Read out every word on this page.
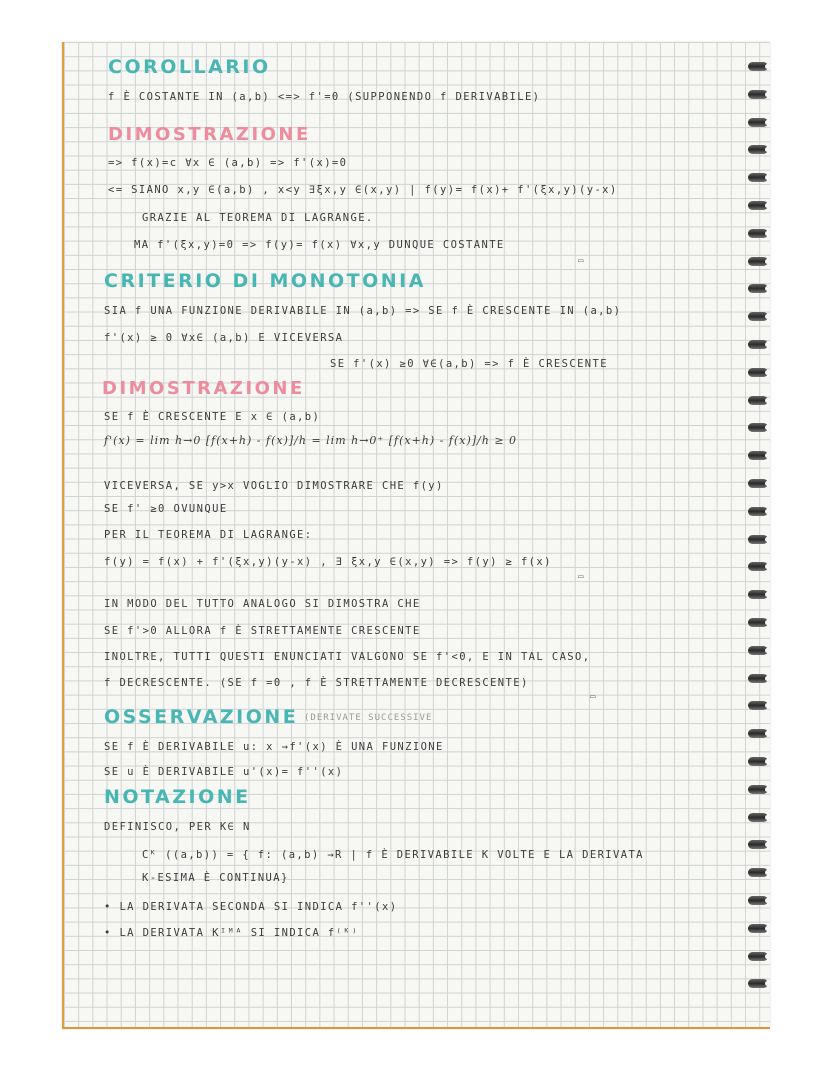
COROLLARIO
f È COSTANTE IN (a,b) <=> f'=0 (SUPPONENDO f DERIVABILE)
DIMOSTRAZIONE
=> f(x)=c ∀x ∈ (a,b) => f'(x)=0
<= SIANO x,y ∈(a,b) , x<y ∃ξx,y ∈(x,y) | f(y)= f(x)+ f'(ξx,y)(y-x)
GRAZIE AL TEOREMA DI LAGRANGE.
MA f'(ξx,y)=0 => f(y)= f(x) ∀x,y DUNQUE COSTANTE
▭
CRITERIO DI MONOTONIA
SIA f UNA FUNZIONE DERIVABILE IN (a,b) => SE f È CRESCENTE IN (a,b)
f'(x) ≥ 0 ∀x∈ (a,b) E VICEVERSA
SE f'(x) ≥0 ∀∈(a,b) => f È CRESCENTE
DIMOSTRAZIONE
SE f È CRESCENTE E x ∈ (a,b)
f'(x) = lim h→0 [f(x+h) - f(x)]/h = lim h→0⁺ [f(x+h) - f(x)]/h ≥ 0
VICEVERSA, SE y>x VOGLIO DIMOSTRARE CHE f(y)
SE f' ≥0 OVUNQUE
PER IL TEOREMA DI LAGRANGE:
f(y) = f(x) + f'(ξx,y)(y-x) , ∃ ξx,y ∈(x,y) => f(y) ≥ f(x)
▭
IN MODO DEL TUTTO ANALOGO SI DIMOSTRA CHE
SE f'>0 ALLORA f È STRETTAMENTE CRESCENTE
INOLTRE, TUTTI QUESTI ENUNCIATI VALGONO SE f'<0, E IN TAL CASO,
f DECRESCENTE. (SE f =0 , f È STRETTAMENTE DECRESCENTE)
▭
OSSERVAZIONE (DERIVATE SUCCESSIVE
SE f È DERIVABILE u: x →f'(x) È UNA FUNZIONE
SE u È DERIVABILE u'(x)= f''(x)
NOTAZIONE
DEFINISCO, PER K∈ N
Cᴷ ((a,b)) = { f: (a,b) →R | f È DERIVABILE K VOLTE E LA DERIVATA
K-ESIMA È CONTINUA}
• LA DERIVATA SECONDA SI INDICA f''(x)
• LA DERIVATA Kᴵᴹᴬ SI INDICA f⁽ᴷ⁾
